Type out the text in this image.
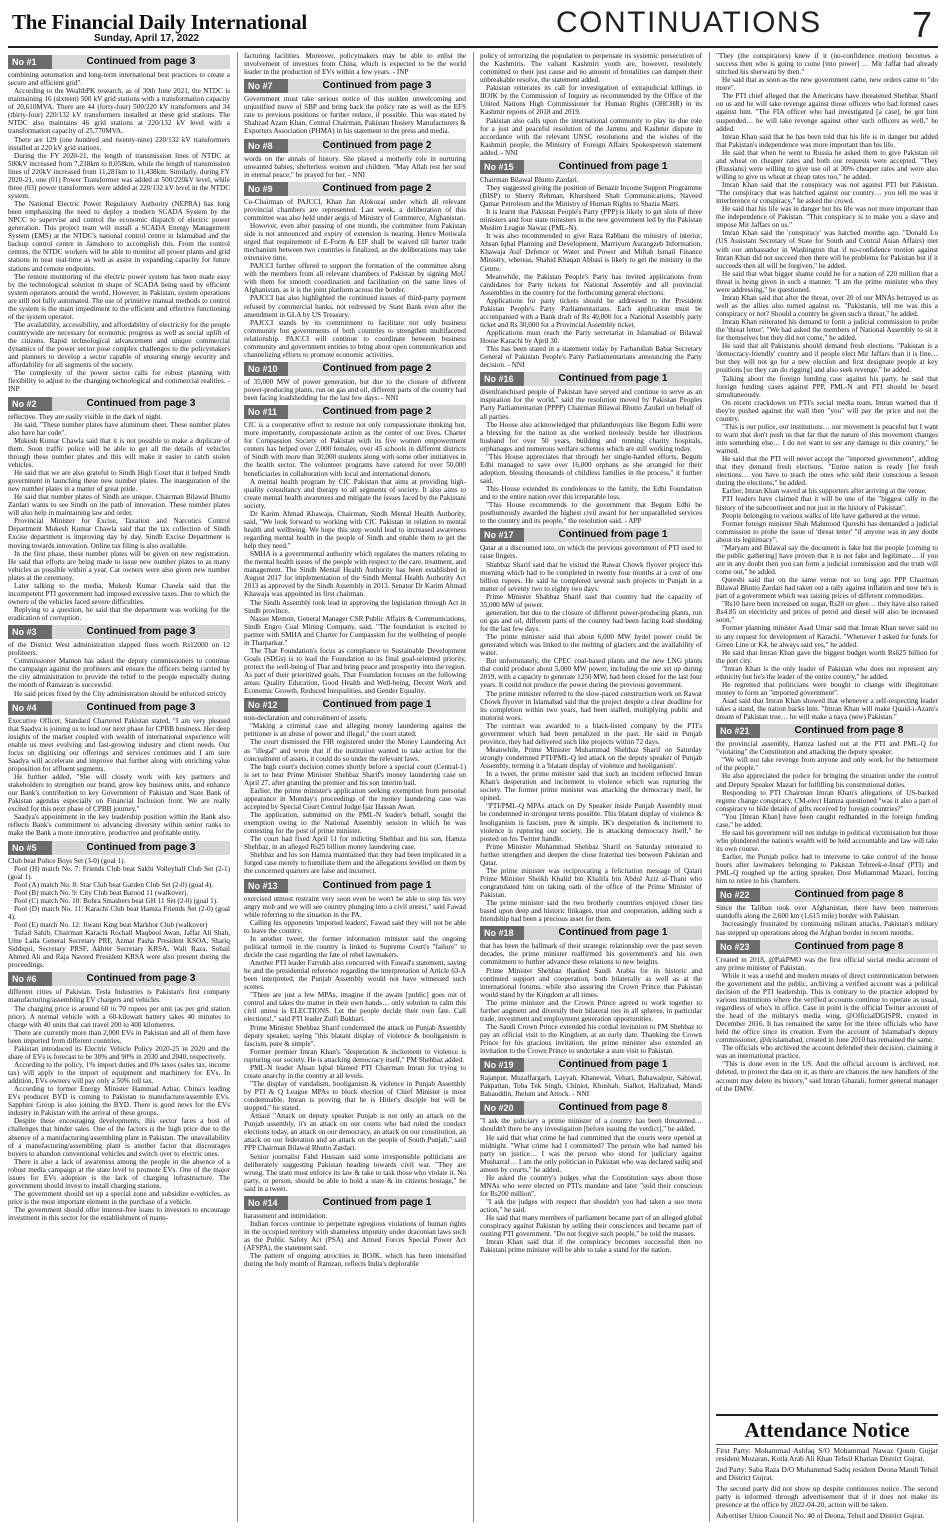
The Financial Daily International
Sunday, April 17, 2022	CONTINUATIONS	7
No #1	Continued from page 3

combining automation and long-term international best practices to create a secure and efficient grid".

According to the WealthPK research, as of 30th June 2021, the NTDC is maintaining 16 (sixteen) 500 kV grid stations with a transformation capacity of 20,610MVA. There are 44 (forty-four) 500/220 kV transformers and 34 (thirty-four) 220/132 kV transformers installed at these grid stations. The NTDC also maintains 46 grid stations at 220/132 kV level with a transformation capacity of 25,770MVA.

There are 129 (one hundred and twenty-nine) 220/132 kV transformers installed at 220 kV grid stations.

During the FY 2020-21, the length of transmission lines of NTDC at 500kV increased from 7,238km to 8,058km, while the length of transmission lines of 220kV increased from 11,281km to 11,438km. Similarly, during FY 2020-21, one (01) Power Transformer was added at 500/220kV level, while three (03) power transformers were added at 220/132 kV level in the NTDC system.

The National Electric Power Regulatory Authority (NEPRA) has long been emphasizing the need to deploy a modern SCADA System by the NPCC to supervise and control the economic dispatch of electric power generation. This project team will install a SCADA Energy Management System (EMS) at the NTDC's national control centre in Islamabad and the backup control centre in Jamshoro to accomplish this. From the control centres, the NTDC workers will be able to monitor all power plants and grid stations in near real-time as well as assist in expanding capacity for future stations and remote endpoints.

The remote monitoring of the electric power system has been made easy by the technological solution in shape of SCADA being used by efficient system operators around the world. However, in Pakistan, system operations are still not fully automated. The use of primitive manual methods to control the system is the main impediment to the efficient and effective functioning of the system operator.

The availability, accessibility, and affordability of electricity for the people countrywide are necessary for economic progress as well as social uplift of the citizens. Rapid technological advancement and unique commercial dynamics of the power sector pose complex challenges to the policymakers and planners to develop a sector capable of ensuring energy security and affordability for all segments of the society.

The complexity of the power sector calls for robust planning with flexibility to adjust to the changing technological and commercial realities. - INP

No #2	Continued from page 3

reflective. They are easily visible in the dark of night.

He said, "These number plates have aluminum sheet. These number plates also have bar code".

Mukesh Kumar Chawla said that it is not possible to make a duplicate of them. Soon traffic police will be able to get all the details of vehicles through these number plates and this will make it easier to catch stolen vehicles.

He said that we are also grateful to Sindh High Court that it helped Sindh government in launching these new number plates. The inauguration of the new number plates in a matter of great pride.

He said that number plates of Sindh are unique. Chairman Bilawal Bhutto Zardari wants to see Sindh on the path of innovation. These number plates will also help in maintaining law and order.

Provincial Minister for Excise, Taxation and Narcotics Control Department Mukesh Kumar Chawla said that the tax collection of Sindh Excise department is improving day by day. Sindh Excise Department is moving towards innovation. Online tax filing is also available.

In the first phase, these number plates will be given on new registration. He said that efforts are being made to issue new number plates to as many vehicles as possible within a year. Car owners were also given new number plates at the ceremony.

Later talking to the media, Mukesh Kumar Chawla said that the incompetent PTI government had imposed excessive taxes. Due to which the owners of the vehicles faced severe difficulties.

Replying to a question, he said that the department was working for the eradication of corruption.

No #3	Continued from page 3

of the District West administration slapped fines worth Rs12000 on 12 profiteers.

Commissioner Mamon has asked the deputy commissioners to continue the campaign against the profiteers and ensure the officers being carried by the city administration to provide the relief to the people especially during the month of Ramazan is successful.

He said prices fixed by the City administration should be enforced strictly

No #4	Continued from page 3

Executive Officer, Standard Chartered Pakistan stated, "I am very pleased that Saadya is joining us to lead our next phase for CPBB business. Her deep insights of the market coupled with wealth of international experience will enable us meet evolving and fast-growing industry and client needs. Our focus on digitising our offerings and services continues and I am sure Saadya will accelerate and improve that further along with enriching value proposition for affluent segments.

He further added, "She will closely work with key partners and stakeholders to strengthen our brand, grow key business units, and enhance our Bank's contribution to key Government of Pakistan and State Bank of Pakistan agendas especially on Financial Inclusion front. We are really excited for this next phase of CPBB journey."

Saadya's appointment in the key leadership position within the Bank also reflects Bank's commitment to advancing diversity within senior ranks to make the Bank a more innovative, productive and profitable entity.

No #5	Continued from page 3

Club beat Police Boys Set (3-0) (goal 1).

Pool (H) match No. 7: Friends Club beat Sakhi Volleyball Club Set (2-1) (goal 1).

Pool (A) match No. 8: Star Club beat Garden Club Set (2-0) (goal 4).

Pool (B) match No. 9: City Club beat Barood 11 (walkover).

Pool (C) match No. 10: Bohra Smashers beat GH 11 Set (2-0) (goal 1).

Pool (D) match No. 11: Karachi Club beat Hamza Friends Set (2-0) (goal 4).

Pool (E) match No. 12: Jiwani King beat Markhor Club (walkover)

Tufail Sahib, Chairman Karachi Rochall Maqbool Awan, Jaffar Ali Shah, Ume Laila General Secretary PRF, Azmat Pasha President KSOA, Shariq Siddiqui, Secretary PRSF, Akhter Secretary KRSA, Wali Raza, Sohail Ahmed Ali and Raja Naveed President KRSA were also present during the proceedings.

No #6	Continued from page 3

different cities of Pakistan. Tesla Industries is Pakistan's first company manufacturing/assembling EV chargers and vehicles.

The charging price is around 60 to 70 rupees per unit (as per grid station price). A normal vehicle with a 60-kilowatt battery takes 40 minutes to charge with 40 units that can travel 200 to 400 kilometres.

There are currently more than 2,000 EVs in Pakistan and all of them have been imported from different countries.

Pakistan introduced its Electric Vehicle Policy 2020-25 in 2020 and the share of EVs is forecast to be 30% and 90% in 2030 and 2040, respectively.

According to the policy, 1% import duties and 0% taxes (sales tax, income tax) will apply to the import of equipment and machinery for EVs. In addition, EVs owners will pay only a 50% toll tax.

According to former Energy Minister Hammad Azhar, China's leading EVs producer BYD is coming to Pakistan to manufacture/assemble EVs. Sapphire Group is also joining the BYD. There is good news for the EVs industry in Pakistan with the arrival of these groups.

Despite these encouraging developments, this sector faces a host of challenges that hinder sales. One of the factors is the high price due to the absence of a manufacturing/assembling plant in Pakistan. The unavailability of a manufacturing/assembling plant is another factor that discourages buyers to abandon conventional vehicles and switch over to electric ones.

There is also a lack of awareness among the people in the absence of a robust media campaign at the state level to promote EVs. One of the major issues for EVs adoption is the lack of charging infrastructure. The government should invest to install charging stations.

The government should set up a special zone and subsidize e-vehicles, as price is the most important element in the purchase of a vehicle.

The government should offer interest-free loans to investors to encourage investment in this sector for the establishment of manu-

facturing facilities. Moreover, policymakers may be able to enlist the involvement of investors from China, which is expected to be the world leader in the production of EVs within a few years. - INP

No #7	Continued from page 3

Government must take serious notice of this sudden unwelcoming and unjustified move of SBP and bring back the policy rate as well as the EFS rate to previous positions or further reduce, if possible. This was stated by Shahzad Azam Khan, Central Chairman, Pakistan Hosiery Manufacturers & Exporters Association (PHMA) in his statement to the press and media.

No #8	Continued from page 2

words on the annals of history. She played a motherly role in nurturing unwanted babies, shelterless women and children. "May Allah rest her soul in eternal peace," he prayed for her. - NNI

No #9	Continued from page 2

Co-Chairman of PAJCCI, Khan Jan Alokozai under which all relevant provincial chambers are represented. Last week, a deliberation of this committee was also held under aegis of Ministry of Commerce, Afghanistan.

However, even after passing of one month, the committee from Pakistan side is not announced and expiry of extension is nearing. Hence Motiwala urged that requirement of E-Form & EIF shall be waived till barter trade mechanism between two countries is finalized, as the deliberations may take extensive time.

PAJCCI further offered to support the formation of the committee along with the members from all relevant chambers of Pakistan by signing MoU with them for smooth coordination and facilitation on the same lines of Afghanistan, as it is the joint platform across the border.

PAJCCI has also highlighted the continued issues of third-party payment refused by commercial banks, not redressed by State Bank even after the amendment in GLA by US Treasury.

PAJCCI stands by its commitment to facilitate not only business community but governments of both countries to strengthen multifaceted relationship. PAJCCI will continue to coordinate between business community and government entities to bring about open communication and channelizing efforts to promote economic activities.

No #10	Continued from page 2

of 35,000 MW of power generation, but due to the closure of different power-producing plants, run on gas and oil, different parts of the country had been facing loadshedding for the last few days. - NNI

No #11	Continued from page 2

CfC is a cooperative effort to restore not only compassionate thinking but, more importantly, compassionate action as the center of our lives. Charter for Compassion Society of Pakistan with its five women empowerment centers has helped over 2,000 females, over 45 schools in different districts of Sindh with more than 30,000 students along with some other initiatives in the health sector. The volunteer programs have catered for over 50,000 beneficiaries in collaboration with local and international donors.

A mental health program by CfC Pakistan that aims at providing high-quality consultancy and therapy to all segments of society. It also aims to create mental health awareness and mitigate the issues faced by the Pakistani society.

Dr Karim Ahmad Khawaja, Chairman, Sindh Mental Health Authority, said, "We look forward to working with CfC Pakistan in relation to mental health and wellbeing. We hope this step would lead to increased awareness regarding mental health in the people of Sindh and enable them to get the help they need."

SMHA is a governmental authority which regulates the matters relating to the mental health issues of the people with respect to the care, treatment, and management. The Sindh Mental Health Authority has been established in August 2017 for implementation of the Sindh Mental Health Authority Act 2013 as approved by the Sindh Assembly in 2013. Senator Dr Karim Ahmad Khawaja was appointed its first chairman.

The Sindh Assembly took lead in approving the legislation through Act in Sindh province.

Nasser Memon, General Manager CSR Public Affairs & Communications, Sindh Engro Coal Mining Company, said, "The foundation is excited to partner with SMHA and Charter for Compassion for the wellbeing of people in Tharparkar."

The Thar Foundation's focus as compliance to Sustainable Development Goals (SDGs) is to lead the Foundation to its final goal-oriented priority, protect the well-being of Thar and bring peace and prosperity into the region. As part of their prioritized goals, Thar Foundation focuses on the following areas: Quality Education, Good Health and Well-being, Decent Work and Economic Growth, Reduced Inequalities, and Gender Equality.

No #12	Continued from page 1

non-declaration and concealment of assets.

"Making a criminal case and alleging money laundering against the petitioner is an abuse of power and illegal," the court stated.

The court dismissed the FIR registered under the Money Laundering Act as "illegal" and wrote that if the institution wanted to take action for the concealment of assets, it could do so under the relevant laws.

The high court's decision comes shortly before a special court (Central-1) is set to hear Prime Minister Shehbaz Sharif's money laundering case on April 27, after granting the premier and his son interim bail.

Earlier, the prime minister's application seeking exemption from personal appearance in Monday's proceedings of the money laundering case was accepted by Special Court Central Judge Ijaz Hassan Awan.

The application, submitted on the PML-N leader's behalf, sought the exemption owing to the National Assembly session in which he was contesting for the post of prime minister.

The court had fixed April 11 for indicting Shehbaz and his son, Hamza Shehbaz, in an alleged Rs25 billion money laundering case.

Shehbaz and his son Hamza maintained that they had been implicated in a forged case merely to humiliate them and the allegations levelled on them by the concerned quarters are false and incorrect.

No #13	Continued from page 1

exercised utmost restraint very soon even he won't be able to stop his very angry mob and we will see country plunging into a civil unrest," said Fawad while referring to the situation in the PA.

Calling his opponents 'imported leaders', Fawad said they will not be able to leave the country.

In another tweet, the former information minister said the ongoing political turmoil in the country is linked to Supreme Court's "failure" to decide the case regarding the fate of rebel lawmakers.

Another PTI leader Farrukh also concurred with Fawad's statement, saying he and the presidential reference regarding the interpretation of Article 63-A been interpreted, the Punjab Assembly would not have witnessed such scenes.

"There are just a few MPAs, imagine if the awam [public] goes out of control and takes the matter in their own hands… only solution to calm this civil unrest is ELECTIONS. Let the people decide their own fate. Call elections!," said PTI leader Zulfi Bukhari.

Prime Minister Shehbaz Sharif condemned the attack on Punjab Assembly deputy speaker, saying "this blatant display of violence & hooliganism is fascism, pure & simple".

Former premier Imran Khan's "desperation & incitement to violence is rupturing our society. He is attacking democracy itself," PM Shehbaz added.

PML-N leader Ahsan Iqbal blamed PTI Chairman Imran for trying to create anarchy in the country at all levels.

"The display of vandalism, hooliganism & violence in Punjab Assembly by PTI & Q League MPAs to block election of Chief Minister is most condemnable, Imran is proving that he is Hitler's disciple but will be stopped," he stated.

Attiaul "Attack on deputy speaker Punjab is not only an attack on the Punjab assembly, it's an attack on our courts who had ruled the conduct elections today, an attack on our democracy, an attack on our constitution, an attack on our federation and an attack on the people of South Punjab," said PPP Chairman Bilawal Bhutto Zardari.

Senior journalist Fahd Hussain said some irresponsible politicians are deliberately suggesting Pakistan heading towards civil war. "They are wrong. The state must enforce its law & take to task those who violate it. No party, or person, should be able to hold a state & its citizens hostage," he said in a tweet.

No #14	Continued from page 1

harassment and intimidation.

Indian forces continue to perpetrate egregious violations of human rights in the occupied territory with shameless impunity under draconian laws such as the Public Safety Act (PSA) and Armed Forces Special Power Act (AFSPA), the statement said.

The pattern of ongoing atrocities in IIOJK, which has been intensified during the holy month of Ramzan, reflects India's deplorable

policy of terrorizing the population to perpetuate its systemic persecution of the Kashmiris. The valiant Kashmiri youth are, however, resolutely committed to their just cause and no amount of brutalities can dampen their unbreakable resolve, the statement added.

Pakistan reiterates its call for investigation of extrajudicial killings in IIOJK by the Commission of Inquiry as recommended by the Office of the United Nations High Commissioner for Human Rights (OHCHR) in its Kashmir reports of 2018 and 2019.

Pakistan also calls upon the international community to play its due role for a just and peaceful resolution of the Jammu and Kashmir dispute in accordance with the relevant UNSC resolutions and the wishes of the Kashmiri people, the Ministry of Foreign Affairs Spokesperson statement added. - NNI

No #15	Continued from page 1

Chairman Bilawal Bhutto Zardari.

They suggested giving the position of Benazir Income Support Programme (BISP) to Sherry Rehman, Khursheed Shah Communications, Naveed Qamar Petroleum and the Ministry of Human Rights to Shazia Marri.

It is learnt that Pakistan People's Party (PPP) is likely to get slots of three ministers and four state ministers in the new government led by the Pakistan Muslim League Nawaz (PML-N).

It was also recommended to give Raza Rabbani the ministry of interior, Ahsan Iqbal Planning and Development, Marriyum Aurangzeb Information, Khawaja Asif Defence or Water and Power and Miftah Ismail Finance Ministry, whereas, Shahid Khaqan Abbasi is likely to get the ministry in the Centre.

Meanwhile, the Pakistan People's Party has invited applications from candidates for Party tickets for National Assembly and all provincial Assemblies in the country for the forthcoming general elections.

Applications for party tickets should be addressed to the President Pakistan People's Party Parliamentarians. Each application must be accompanied with a Bank draft of Rs 40,000 for a National Assembly party ticket and Rs 30,000 for a Provincial Assembly ticket.

Applications must reach the Party secretariat in Islamabad or Bilawal House Karachi by April 30.

This has been stated in a statement today by Farhatullah Babar Secretary General of Pakistan People's Party Parliamentarians announcing the Party decision. - NNI

No #16	Continued from page 1

disenfranchised people of Pakistan have served and continue to serve as an inspiration for the world," said the resolution moved by Pakistan Peoples Party Parliamentarian (PPPP) Chairman Bilawal Bhutto Zardari on behalf of all parties.

The House also acknowledged that philanthropists like Begum Edhi were a blessing for the nation as she worked tirelessly beside her illustrious husband for over 50 years, building and running charity hospitals, orphanages and numerous welfare schemes which are still working today.

"This House appreciates that through her single-handed efforts, Begum Edhi managed to save over 16,000 orphans as she arranged for their adoption, blessing thousands of childless families in the process," it further said.

This House extended its condolences to the family, the Edhi Foundation and to the entire nation over this irreparable loss.

"This House recommends to the government that Begum Edhi be posthumously awarded the highest civil award for her unparalleled services to the country and its people," the resolution said. - APP

No #17	Continued from page 1

Qatar at a discounted rate, on which the previous government of PTI used to raise fingers.

Shahbaz Sharif said that he visited the Rawat Chowk flyover project this morning which had to be completed in twenty four months at a cost of one billion rupees. He said he completed several such projects in Punjab in a matter of seventy two to eighty two days.

Prime Minister Shahbaz Sharif said that country had the capacity of 35,000 MW of power.

generation, but due to the closure of different power-producing plants, run on gas and oil, different parts of the country had been facing load shedding for the last few days.

The prime minister said that about 6,000 MW hydel power could be generated which was linked to the melting of glaciers and the availability of water.

But unfortunately, the CPEC coal-based plants and the new LNG plants that could produce about 5,000 MW power, including the one set up during 2019, with a capacity to generate 1250 MW, had been closed for the last four years. It could not produce the power during the previous government.

The prime minister referred to the slow-paced construction work on Rawat Chowk flyover in Islamabad said that the project despite a clear deadline for its completion within two years, had been stalled, multiplying public and motorist woes.

The contract was awarded to a black-listed company by the PTI's government which had been penalized in the past. He said in Punjab province, they had delivered such like projects within 72 days.

Meanwhile, Prime Minister Muhammad Shehbaz Sharif on Saturday strongly condemned PTI/PML-Q led attack on the deputy speaker of Punjab Assembly, terming it a 'blatant display of violence and hooliganism'.

In a tweet, the prime minister said that such an incident reflected Imran Khan's desperation and incitement to violence which was rupturing the society. The former prime minister was attacking the democracy itself, he opined.

"PTI/PML-Q MPAs attack on Dy Speaker inside Punjab Assembly must be condemned in strongest terms possible. This blatant display of violence & hooliganism is fascism, pure & simple. IK's desperation & incitement to violence is rupturing our society. He is attacking democracy itself," he posted on his Twitter handle.

Prime Minister Muhammad Shehbaz Sharif on Saturday reiterated to further strengthen and deepen the close fraternal ties between Pakistan and Qatar.

The prime minister was reciprocating a felicitation message of Qatari Prime Minister Sheikh Khalid bin Khalifa bin Abdul Aziz al-Thani who congratulated him on taking oath of the office of the Prime Minister of Pakistan.

The prime minister said the two brotherly countries enjoyed closer ties based upon deep and historic linkages, trust and cooperation, adding such a friendship had been a precious asset for them.

No #18	Continued from page 1

that has been the hallmark of their strategic relationship over the past seven decades, the prime minister reaffirmed his government's and his own commitment to further advance these relations to new heights.

Prime Minister Shehbaz thanked Saudi Arabia for its historic and continued support and cooperation, both bilaterally as well as at the international forums, while also assuring the Crown Prince that Pakistan would stand by the Kingdom at all times.

The prime minister and the Crown Prince agreed to work together to further augment and diversify their bilateral ties in all spheres, in particular trade, investment and employment generation opportunities.

The Saudi Crown Prince extended his cordial invitation to PM Shehbaz to pay an official visit to the Kingdom, at an early date. Thanking the Crown Prince for his gracious invitation, the prime minister also extended an invitation to the Crown Prince to undertake a state visit to Pakistan.

No #19	Continued from page 1

Rajanpur, Muzaffargarh, Layyah, Khanewal, Vehari, Bahawalpur, Sahiwal, Pakpattan, Toba Tek Singh, Chiniot, Khushab, Sialkot, Hafizabad, Mandi Bahauddin, Jhelum and Attock. - NNI

No #20	Continued from page 8

"I ask the judiciary a prime minister of a country has been threatened… shouldn't there be any investigation [before issuing the verdict]," he added.

He said that what crime he had committed that the courts were opened at midnight. "What crime had I committed? The person who had named his party on justice… I was the person who stood for judiciary against Musharraf… I am the only politician in Pakistan who was declared sadiq and ameen by courts," he added.

He asked the country's judges what the Constitution says about those MNAs who were elected on PTI's mandate and later "sold their conscious for Rs200 million".

"I ask the judges with respect that shouldn't you had taken a suo motu action," he said.

He said that many members of parliament became part of an alleged global conspiracy against Pakistan by selling their consciences and became part of ousting PTI government. "Do not forgive such people," he told the masses.

Imran Khan said that if the conspiracy becomes successful then no Pakistani prime minister will be able to take a stand for the nation.

"They (the conspirators) knew if it (no-confidence motion) becomes a success then who is going to come [into power] … Mir Jaffar had already stitched his sherwani by then."

He said that as soon as the new government came, new orders came to "do more".

The PTI chief alleged that the Americans have threatened Shehbaz Sharif on us and he will take revenge against those officers who had formed cases against him. "The FIA officer who had investigated [a case], he got him suspended… he will take revenge against other such officers as well," he added.

Imran Khan said that he has been told that his life is in danger but added that Pakistan's independence was more important than his life.

He said that when he went to Russia he asked them to give Pakistan oil and wheat on cheaper rates and both our requests were accepted. "They (Russians) were willing to give use oil at 30% cheaper rates and were also willing to give us wheat at cheap rates too," he added.

Imran Khan said that the conspiracy was not against PTI but Pakistan. "The conspiracy that was hatched against our country… you tell me was it interference or conspiracy," he asked the crowd.

He said that his life was in danger but his life was not more important than the independence of Pakistan. "This conspiracy is to make you a slave and impose Mir Jaffars on us."

Imran Khan said the 'conspiracy' was hatched months ago. "Donald Lu (US Assistant Secretary of State for South and Central Asian Affairs) met with our ambassador in Washington that if no-confidence motion against Imran Khan did not succeed then there will be problems for Pakistan but if it succeeds then all will be forgiven," he added.

He said that what bigger shame could be for a nation of 220 million that a threat is being given in such a manner. "I am the prime minister who they were addressing," he questioned.

Imran Khan said that after the threat, over 20 of our MNAs betrayed us as well as the allies also turned against us. "Pakistanis, tell me was this a conspiracy or not? Should a country be given such a threat," he added.

Imran Khan reiterated his demand to form a judicial commission to probe the 'threat letter'. "We had asked the members of National Assembly to sit it for themselves but they did not come," he added.

He said that all Pakistanis should demand fresh elections. "Pakistan is a 'democracy-friendly' country and if people elect Mir Jaffars than it is fine… but they will not go for a new election and first designate people at key positions [so they can do rigging] and also seek revenge," he added.

Talking about the foreign funding case against his party, he said that foreign funding cases against PPP, PML-N and PTI should be heard simultaneously.

On recent crackdown on PTI's social media team, Imran warned that if they're pushed against the wall then "you" will pay the price and not the country.

"This is our police, our institutions… our movement is peaceful but I want to warn that don't push us that far that the nature of this movement changes into something else… I do not want to see any damage to this country," he warned.

He said that the PTI will never accept the "imported government", adding that they demand fresh elections. "Entire nation is ready [for fresh elections… you have to teach the ones who sold their conscious a lesson during the elections," he added.

Earlier, Imran Khan waved at his supporters after arriving at the venue.

PTI leaders have claimed that it will be one of the "biggest rally in the history of the subcontinent and not just in the history of Pakistan".

People belonging to various walks of life have gathered at the venue.

Former foreign minister Shah Mahmood Qureshi has demanded a judicial commission to probe the issue of 'threat letter' "if anyone was in any doubt about its legitimacy".

"Maryam and Bilawal say the document is fake but the people [coming to the public gathering] have proven that it is not fake and legitimate… if you are in any doubt then you can form a judicial commission and the truth will come out," he added.

Qureshi said that on the same venue not so long ago PPP Chairman Bilawal Bhutto Zardari had taken out a rally against inflation and now he's is part of a government which was raising prices of different commodities.

"Rs10 have been increased on sugar, Rs20 on ghee… they have also raised Rs4.85 on electricity and prices of petrol and diesel will also be increased soon."

Former planning minister Asad Umar said that Imran Khan never said no to any request for development of Karachi. "Whenever I asked for funds for Green Line or K4, he always said yes," he added.

He said that Imran Khan gave the biggest budget worth Rs625 billion for the port city.

"Imran Khan is the only leader of Pakistan who does not represent any ethnicity but he's the leader of the entire country," he added.

He regretted that politicians were bought to change with illegitimate money to form an "imported government".

Asad said that Imran Khan showed that whenever a self-respecting leader takes a stand, the nation backs him. "Imran Khan will make Quaid-i-Azam's dream of Pakistan true… he will make a naya (new) Pakistan."

No #21	Continued from page 8

the provincial assembly, Hamza lashed out at the PTI and PML-Q for "violating" the Constitution and attacking the deputy speaker.

"We will not take revenge from anyone and only work for the betterment of the people."

He also appreciated the police for bringing the situation under the control and Deputy Speaker Mazari for fulfilling his constitutional duties.

Responding to PTI Chairman Imran Khan's allegations of US-backed regime change conspiracy, CM-elect Hamza questioned "was it also a part of conspiracy to hide details of gifts received by foreign countries?"

"You [Imran Khan] have been caught redhanded in the foreign funding case," he added.

He said his government will not indulge in political victimisation but those who plundered the nation's wealth will be held accountable and law will take its own course.

Earlier, the Punjab police had to intervene to take control of the house hours after lawmakers belonging to Pakistan Tehreek-e-Insaf (PTI) and PML-Q roughed up the acting speaker, Dost Muhammad Mazari, forcing him to retire to his chambers.

No #22	Continued from page 8

Since the Taliban took over Afghanistan, there have been numerous standoffs along the 2,600 km (1,615 mile) border with Pakistan.

Increasingly frustrated by continuing militant attacks, Pakistan's military has stepped up operations along the Afghan border in recent months.

No #23	Continued from page 8

Created in 2018, @PakPMO was the first official social media account of any prime minister of Pakistan.

While it was a useful and modern means of direct communication between the government and the public, archiving a verified account was a political decision of the PTI leadership. This is contrary to the practice adopted by various institutions where the verified accounts continue to operate as usual, regardless of who's in office. Case in point is the official Twitter account of the head of the military's media wing, @OfficialDGISPR, created in December 2016. It has remained the same for the three officials who have held the office since its creation. Even the account of Islamabad's deputy commissioner, @dcislamabad, created in June 2010 has remained the same.

The officials who archived the account defended their decision, claiming it was an international practice.

"This is done even in the US. And the official account is archived, not deleted, to protect the data on it, as there are chances the new handlers of the account may delete its history," said Imran Ghazali, former general manager of the DMW.

Attendance Notice

First Party: Mohammad Ashfaq S/O Mohammad Nawaz Qoum Gujjar resident Mozaran, Kotla Arab Ali Khan Tehsil Kharian District Gujrat.

2nd Party: Saba Raza D/O Muhammad Sadiq resident Deona Mandi Tehsil and District Gujrat.

The second party did not show up despite continuous notice. The second party is informed through advertisement that if it does not make its presence at the office by 2022-04-20, action will be taken.

Advertiser Union Council No. 40 of Deona, Tehsil and District Gujrat.
